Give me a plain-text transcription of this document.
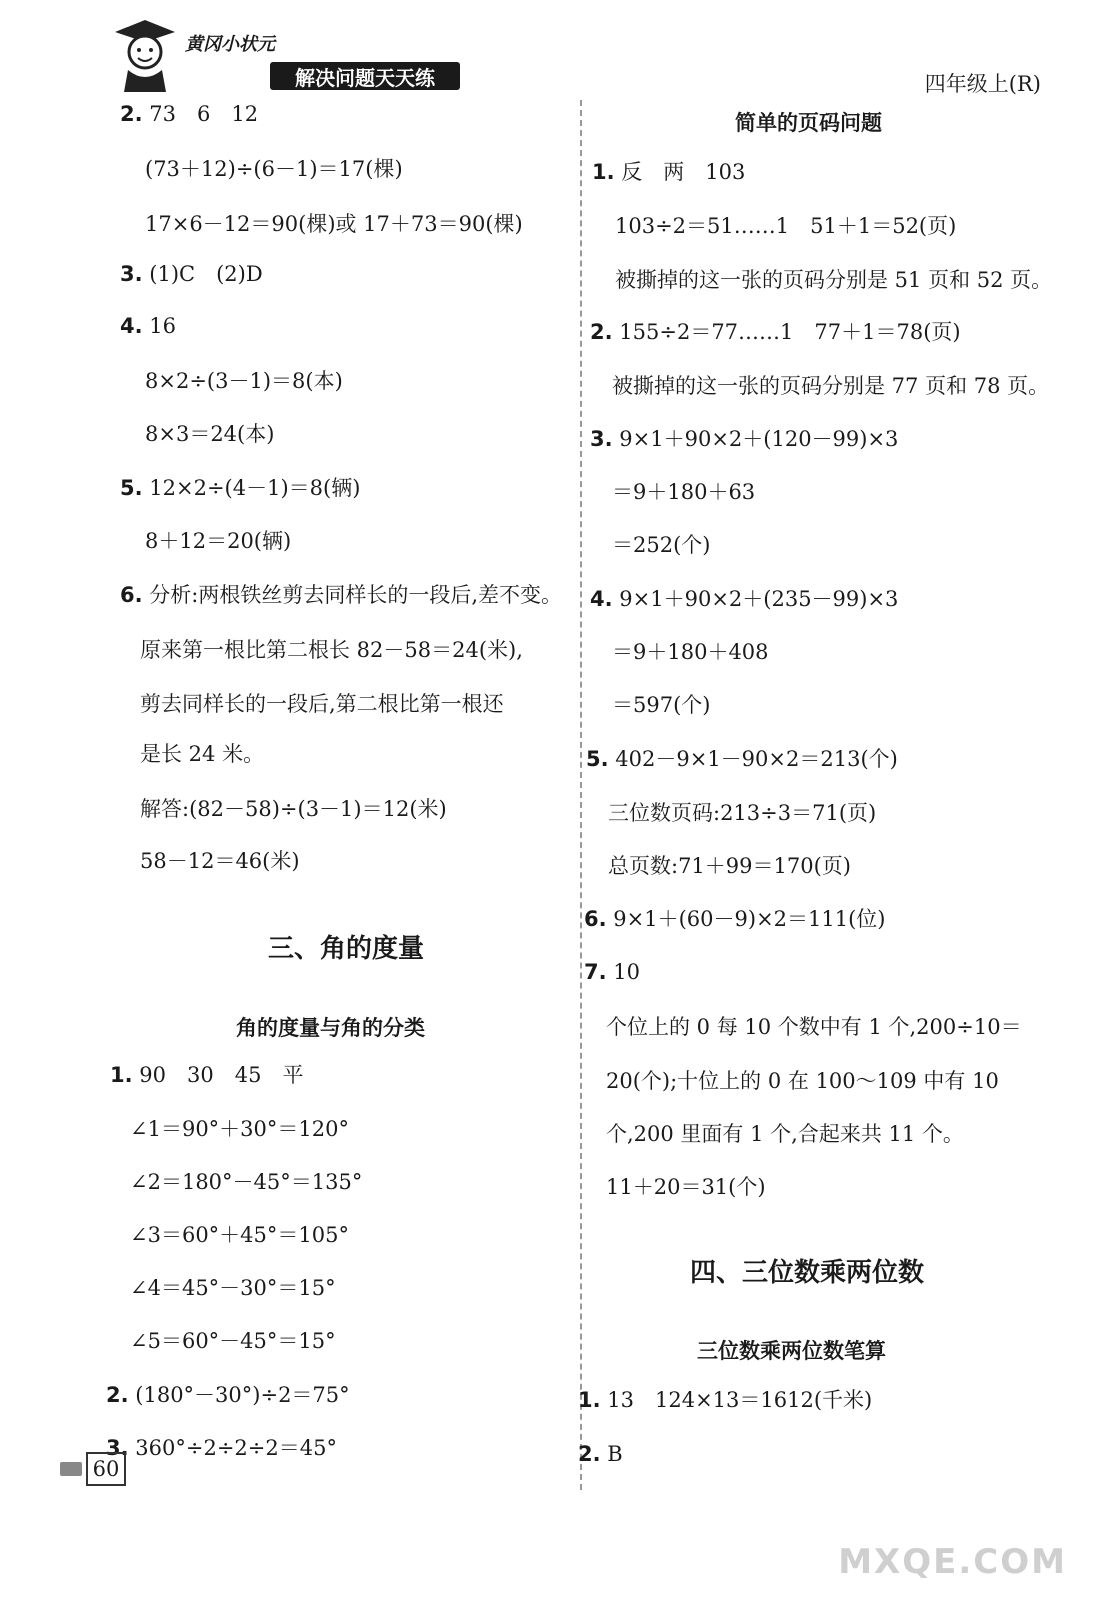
黄冈小状元
解决问题天天练	四年级上(R)
2. 73　6　12
(73＋12)÷(6－1)＝17(棵)
17×6－12＝90(棵)或 17＋73＝90(棵)
3. (1)C　(2)D
4. 16
8×2÷(3－1)＝8(本)
8×3＝24(本)
5. 12×2÷(4－1)＝8(辆)
8＋12＝20(辆)
6. 分析:两根铁丝剪去同样长的一段后,差不变。
原来第一根比第二根长 82－58＝24(米),
剪去同样长的一段后,第二根比第一根还
是长 24 米。
解答:(82－58)÷(3－1)＝12(米)
58－12＝46(米)
三、角的度量
角的度量与角的分类
1. 90　30　45　平
∠1＝90°＋30°＝120°
∠2＝180°－45°＝135°
∠3＝60°＋45°＝105°
∠4＝45°－30°＝15°
∠5＝60°－45°＝15°
2. (180°－30°)÷2＝75°
3. 360°÷2÷2÷2＝45°
简单的页码问题
1. 反　两　103
103÷2＝51……1　51＋1＝52(页)
被撕掉的这一张的页码分别是 51 页和 52 页。
2. 155÷2＝77……1　77＋1＝78(页)
被撕掉的这一张的页码分别是 77 页和 78 页。
3. 9×1＋90×2＋(120－99)×3
＝9＋180＋63
＝252(个)
4. 9×1＋90×2＋(235－99)×3
＝9＋180＋408
＝597(个)
5. 402－9×1－90×2＝213(个)
三位数页码:213÷3＝71(页)
总页数:71＋99＝170(页)
6. 9×1＋(60－9)×2＝111(位)
7. 10
个位上的 0 每 10 个数中有 1 个,200÷10＝
20(个);十位上的 0 在 100～109 中有 10
个,200 里面有 1 个,合起来共 11 个。
11＋20＝31(个)
四、三位数乘两位数
三位数乘两位数笔算
1. 13　124×13＝1612(千米)
2. B
60
MXQE.COM
